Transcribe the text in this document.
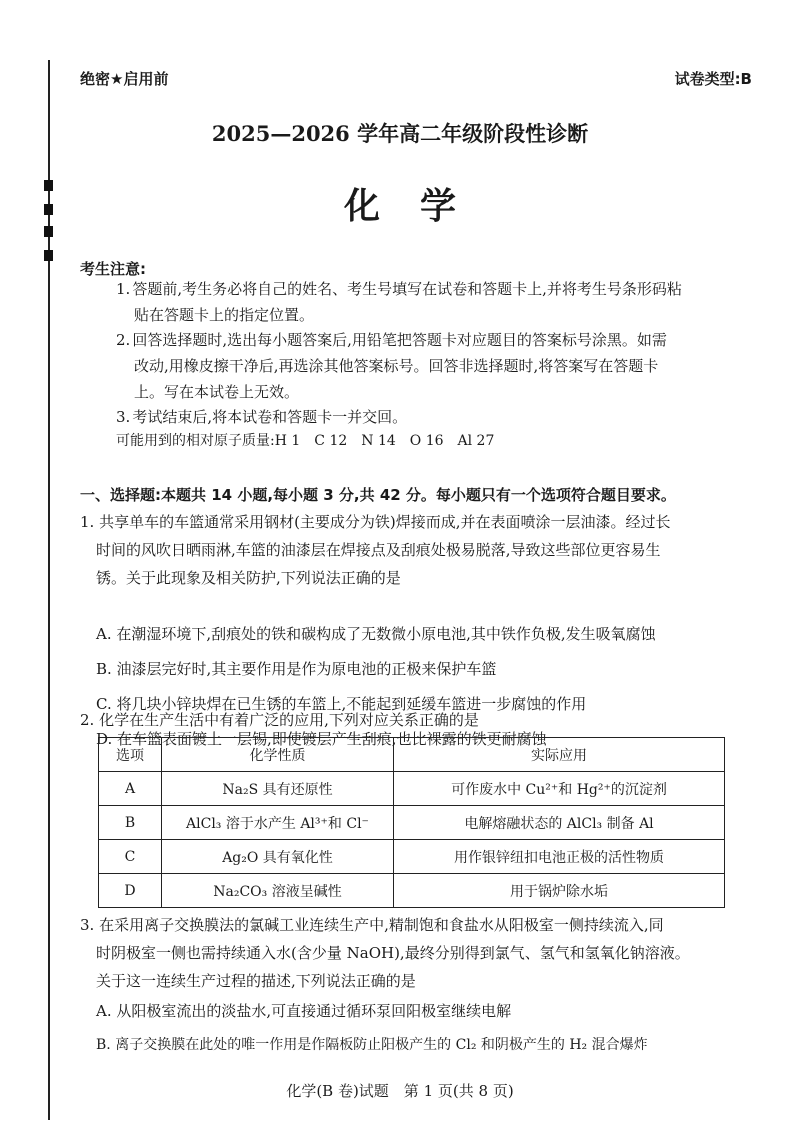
绝密★启用前	试卷类型:B
2025—2026 学年高二年级阶段性诊断
化学
考生注意:
1. 答题前,考生务必将自己的姓名、考生号填写在试卷和答题卡上,并将考生号条形码粘
贴在答题卡上的指定位置。
2. 回答选择题时,选出每小题答案后,用铅笔把答题卡对应题目的答案标号涂黑。如需
改动,用橡皮擦干净后,再选涂其他答案标号。回答非选择题时,将答案写在答题卡
上。写在本试卷上无效。
3. 考试结束后,将本试卷和答题卡一并交回。
可能用到的相对原子质量:H 1　C 12　N 14　O 16　Al 27
一、选择题:本题共 14 小题,每小题 3 分,共 42 分。每小题只有一个选项符合题目要求。
1. 共享单车的车篮通常采用钢材(主要成分为铁)焊接而成,并在表面喷涂一层油漆。经过长
时间的风吹日晒雨淋,车篮的油漆层在焊接点及刮痕处极易脱落,导致这些部位更容易生
锈。关于此现象及相关防护,下列说法正确的是
A. 在潮湿环境下,刮痕处的铁和碳构成了无数微小原电池,其中铁作负极,发生吸氧腐蚀
B. 油漆层完好时,其主要作用是作为原电池的正极来保护车篮
C. 将几块小锌块焊在已生锈的车篮上,不能起到延缓车篮进一步腐蚀的作用
D. 在车篮表面镀上一层锡,即使镀层产生刮痕,也比裸露的铁更耐腐蚀
2. 化学在生产生活中有着广泛的应用,下列对应关系正确的是
选项	化学性质	实际应用
A	Na₂S 具有还原性	可作废水中 Cu²⁺和 Hg²⁺的沉淀剂
B	AlCl₃ 溶于水产生 Al³⁺和 Cl⁻	电解熔融状态的 AlCl₃ 制备 Al
C	Ag₂O 具有氧化性	用作银锌纽扣电池正极的活性物质
D	Na₂CO₃ 溶液呈碱性	用于锅炉除水垢
3. 在采用离子交换膜法的氯碱工业连续生产中,精制饱和食盐水从阳极室一侧持续流入,同
时阴极室一侧也需持续通入水(含少量 NaOH),最终分别得到氯气、氢气和氢氧化钠溶液。
关于这一连续生产过程的描述,下列说法正确的是
A. 从阳极室流出的淡盐水,可直接通过循环泵回阳极室继续电解
B. 离子交换膜在此处的唯一作用是作隔板防止阳极产生的 Cl₂ 和阴极产生的 H₂ 混合爆炸
化学(B 卷)试题　第 1 页(共 8 页)
